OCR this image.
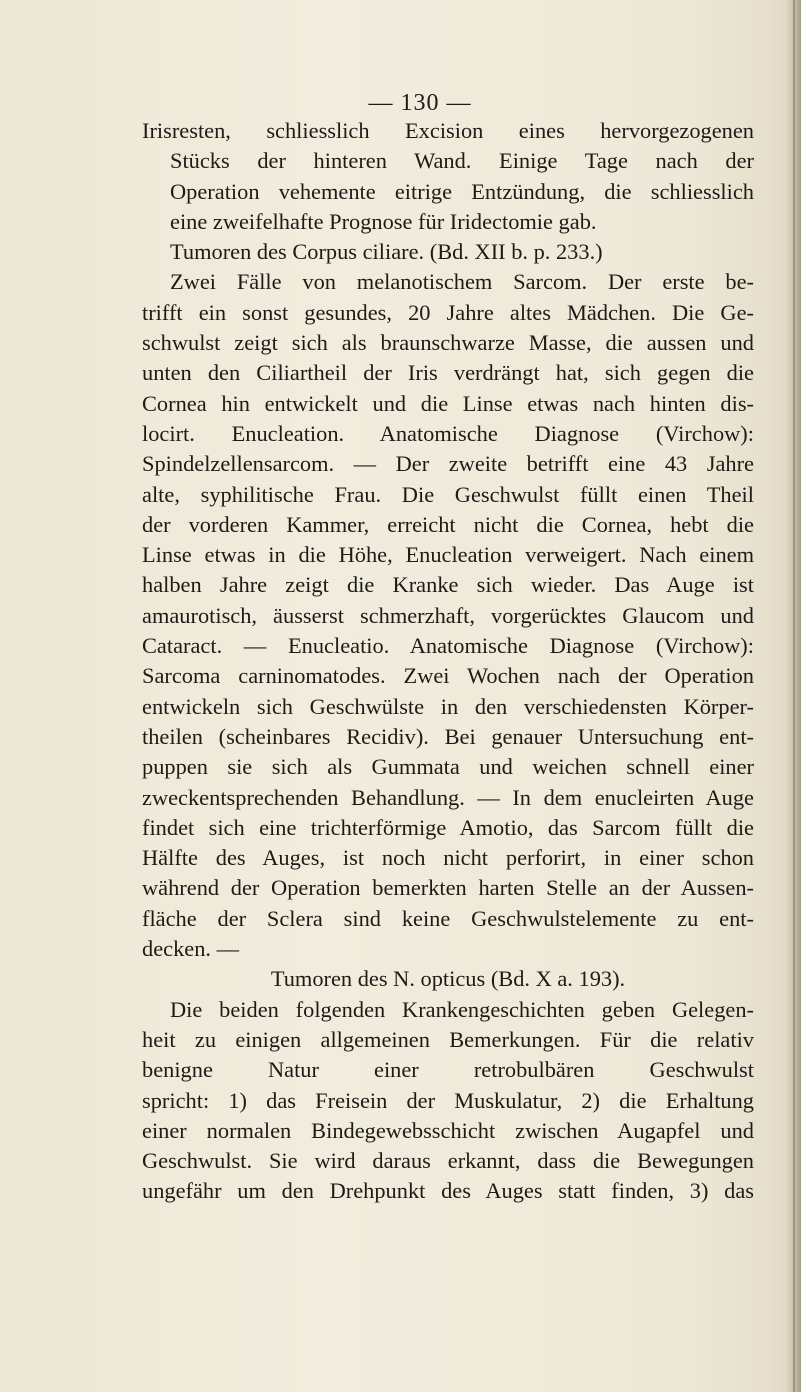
— 130 —
Irisresten, schliesslich Excision eines hervorgezogenen
Stücks der hinteren Wand. Einige Tage nach der
Operation vehemente eitrige Entzündung, die schliesslich
eine zweifelhafte Prognose für Iridectomie gab.
Tumoren des Corpus ciliare. (Bd. XII b. p. 233.)
Zwei Fälle von melanotischem Sarcom. Der erste be-
trifft ein sonst gesundes, 20 Jahre altes Mädchen. Die Ge-
schwulst zeigt sich als braunschwarze Masse, die aussen und
unten den Ciliartheil der Iris verdrängt hat, sich gegen die
Cornea hin entwickelt und die Linse etwas nach hinten dis-
locirt. Enucleation. Anatomische Diagnose (Virchow):
Spindelzellensarcom. — Der zweite betrifft eine 43 Jahre
alte, syphilitische Frau. Die Geschwulst füllt einen Theil
der vorderen Kammer, erreicht nicht die Cornea, hebt die
Linse etwas in die Höhe, Enucleation verweigert. Nach einem
halben Jahre zeigt die Kranke sich wieder. Das Auge ist
amaurotisch, äusserst schmerzhaft, vorgerücktes Glaucom und
Cataract. — Enucleatio. Anatomische Diagnose (Virchow):
Sarcoma carninomatodes. Zwei Wochen nach der Operation
entwickeln sich Geschwülste in den verschiedensten Körper-
theilen (scheinbares Recidiv). Bei genauer Untersuchung ent-
puppen sie sich als Gummata und weichen schnell einer
zweckentsprechenden Behandlung. — In dem enucleirten Auge
findet sich eine trichterförmige Amotio, das Sarcom füllt die
Hälfte des Auges, ist noch nicht perforirt, in einer schon
während der Operation bemerkten harten Stelle an der Aussen-
fläche der Sclera sind keine Geschwulstelemente zu ent-
decken. —
Tumoren des N. opticus (Bd. X a. 193).
Die beiden folgenden Krankengeschichten geben Gelegen-
heit zu einigen allgemeinen Bemerkungen. Für die relativ
benigne Natur einer retrobulbären Geschwulst
spricht: 1) das Freisein der Muskulatur, 2) die Erhaltung
einer normalen Bindegewebsschicht zwischen Augapfel und
Geschwulst. Sie wird daraus erkannt, dass die Bewegungen
ungefähr um den Drehpunkt des Auges statt finden, 3) das
